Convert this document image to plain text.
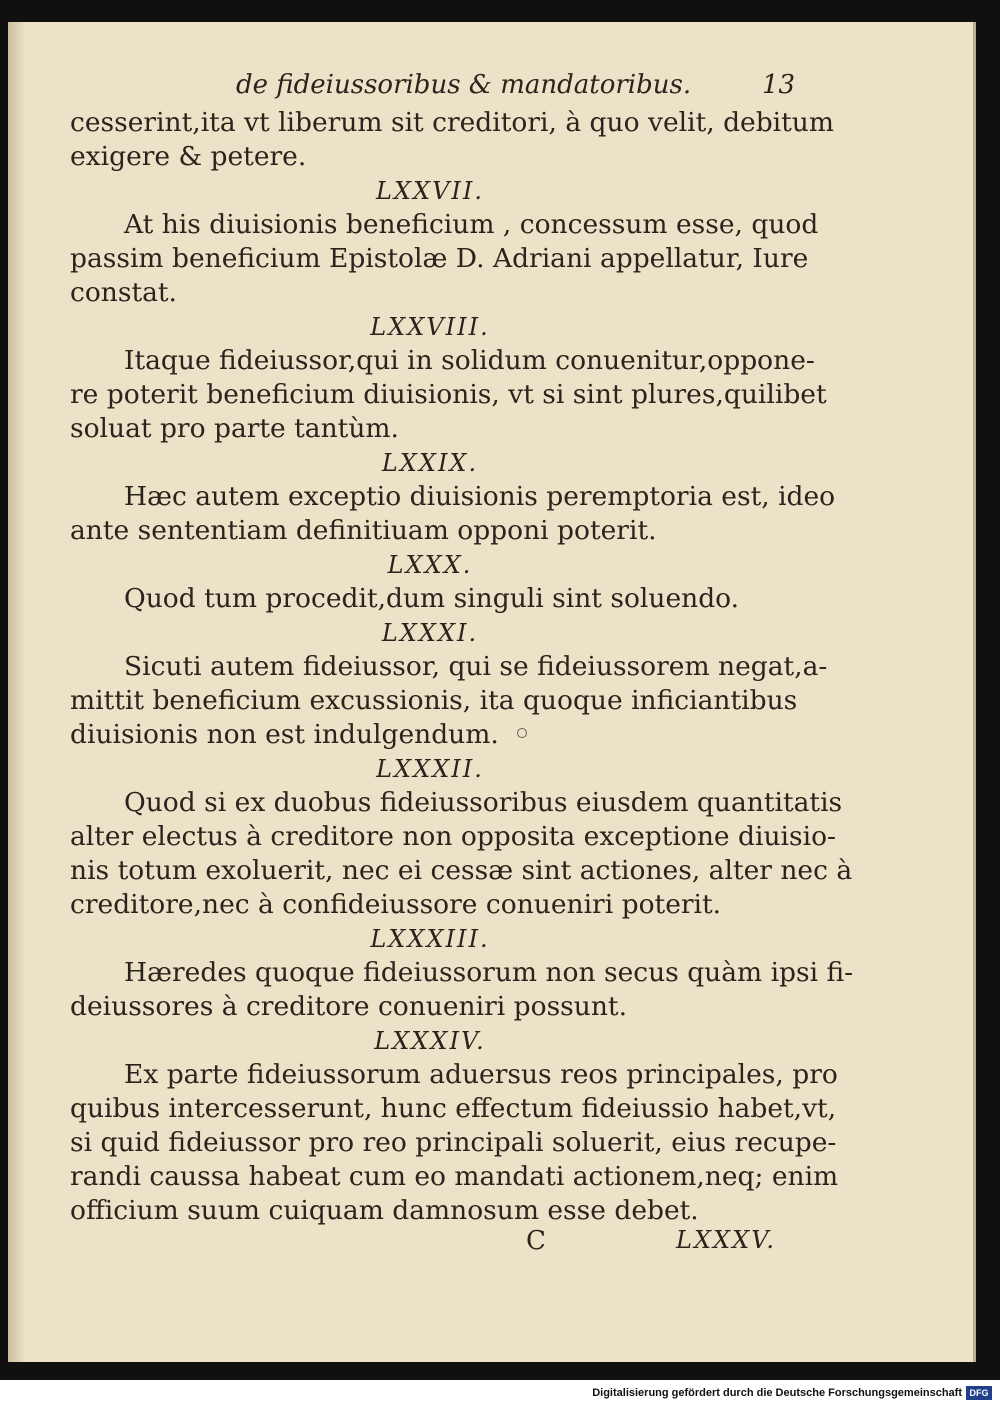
de fideiussoribus & mandatoribus.	13
cesserint,ita vt liberum sit creditori, à quo velit, debitum
exigere & petere.
LXXVII.
At his diuisionis beneficium , concessum esse, quod
passim beneficium Epistolæ D. Adriani appellatur, Iure
constat.
LXXVIII.
Itaque fideiussor,qui in solidum conuenitur,oppone-
re poterit beneficium diuisionis, vt si sint plures,quilibet
soluat pro parte tantùm.
LXXIX.
Hæc autem exceptio diuisionis peremptoria est, ideo
ante sententiam definitiuam opponi poterit.
LXXX.
Quod tum procedit,dum singuli sint soluendo.
LXXXI.
Sicuti autem fideiussor, qui se fideiussorem negat,a-
mittit beneficium excussionis, ita quoque inficiantibus
diuisionis non est indulgendum.
LXXXII.
Quod si ex duobus fideiussoribus eiusdem quantitatis
alter electus à creditore non opposita exceptione diuisio-
nis totum exoluerit, nec ei cessæ sint actiones, alter nec à
creditore,nec à confideiussore conueniri poterit.
LXXXIII.
Hæredes quoque fideiussorum non secus quàm ipsi fi-
deiussores à creditore conueniri possunt.
LXXXIV.
Ex parte fideiussorum aduersus reos principales, pro
quibus intercesserunt, hunc effectum fideiussio habet,vt,
si quid fideiussor pro reo principali soluerit, eius recupe-
randi caussa habeat cum eo mandati actionem,neq; enim
officium suum cuiquam damnosum esse debet.
C	LXXXV.
Digitalisierung gefördert durch die Deutsche Forschungsgemeinschaft DFG
